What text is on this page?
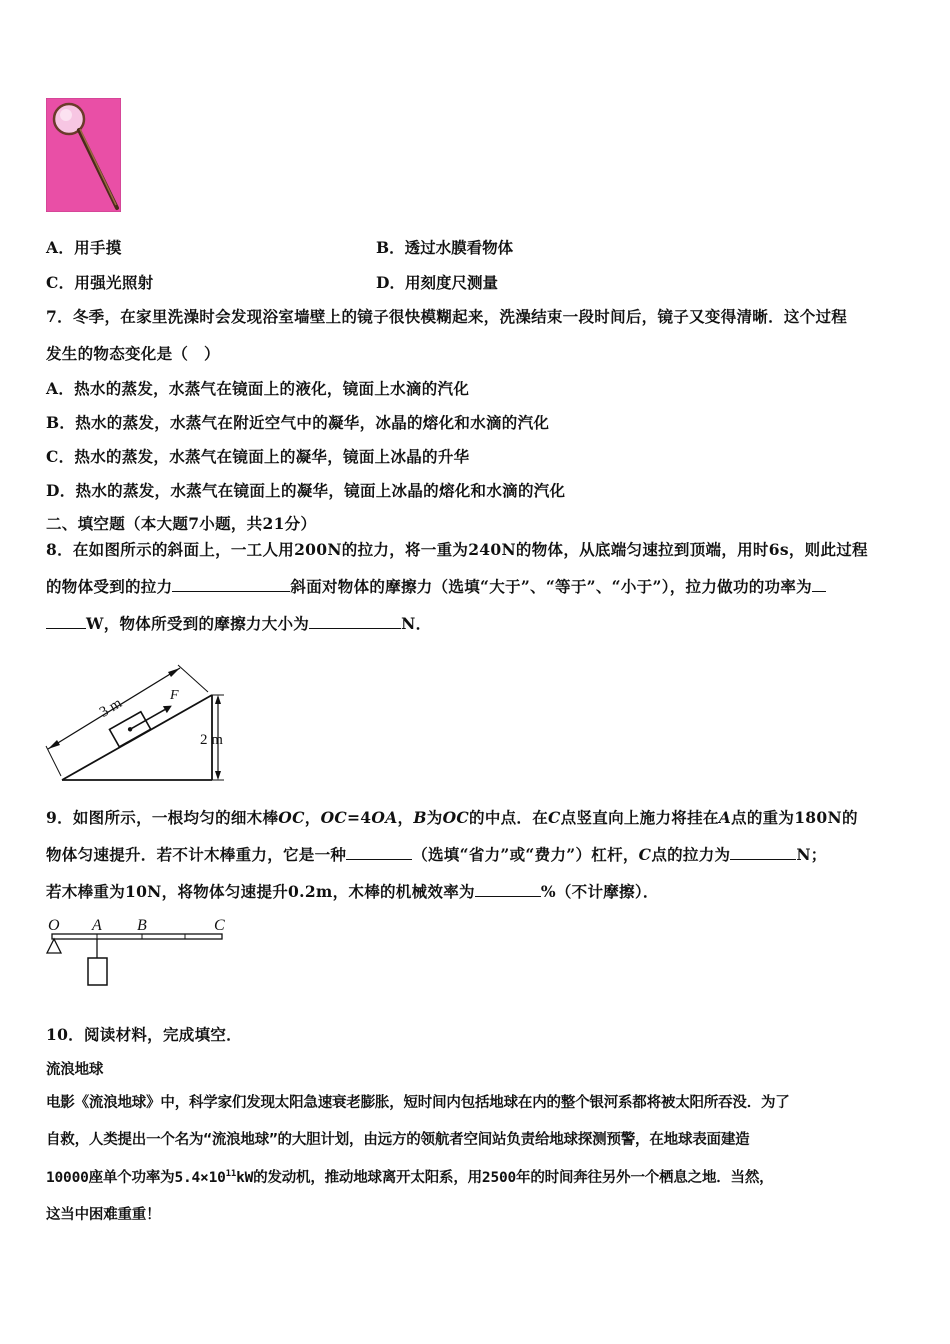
A．用手摸	B．透过水膜看物体
C．用强光照射	D．用刻度尺测量
7．冬季，在家里洗澡时会发现浴室墙壁上的镜子很快模糊起来，洗澡结束一段时间后，镜子又变得清晰．这个过程
发生的物态变化是（　）
A．热水的蒸发，水蒸气在镜面上的液化，镜面上水滴的汽化
B．热水的蒸发，水蒸气在附近空气中的凝华，冰晶的熔化和水滴的汽化
C．热水的蒸发，水蒸气在镜面上的凝华，镜面上冰晶的升华
D．热水的蒸发，水蒸气在镜面上的凝华，镜面上冰晶的熔化和水滴的汽化
二、填空题（本大题7小题，共21分）
8．在如图所示的斜面上，一工人用200N的拉力，将一重为240N的物体，从底端匀速拉到顶端，用时6s，则此过程
的物体受到的拉力	斜面对物体的摩擦力（选填“大于”、“等于”、“小于”），拉力做功的功率为
W，物体所受到的摩擦力大小为	N．
F
3 m
2 m
9．如图所示，一根均匀的细木棒OC，OC=4OA，B为OC的中点．在C点竖直向上施力将挂在A点的重为180N的
物体匀速提升．若不计木棒重力，它是一种	（选填“省力”或“费力”）杠杆，C点的拉力为	N；
若木棒重为10N，将物体匀速提升0.2m，木棒的机械效率为	%（不计摩擦）．
O A B	C
10．阅读材料，完成填空．
流浪地球
电影《流浪地球》中，科学家们发现太阳急速衰老膨胀，短时间内包括地球在内的整个银河系都将被太阳所吞没．为了
自救，人类提出一个名为“流浪地球”的大胆计划，由远方的领航者空间站负责给地球探测预警，在地球表面建造
10000座单个功率为$5.4\times 10^{11}kW$的发动机，推动地球离开太阳系，用2500年的时间奔往另外一个栖息之地．当然，
这当中困难重重！
